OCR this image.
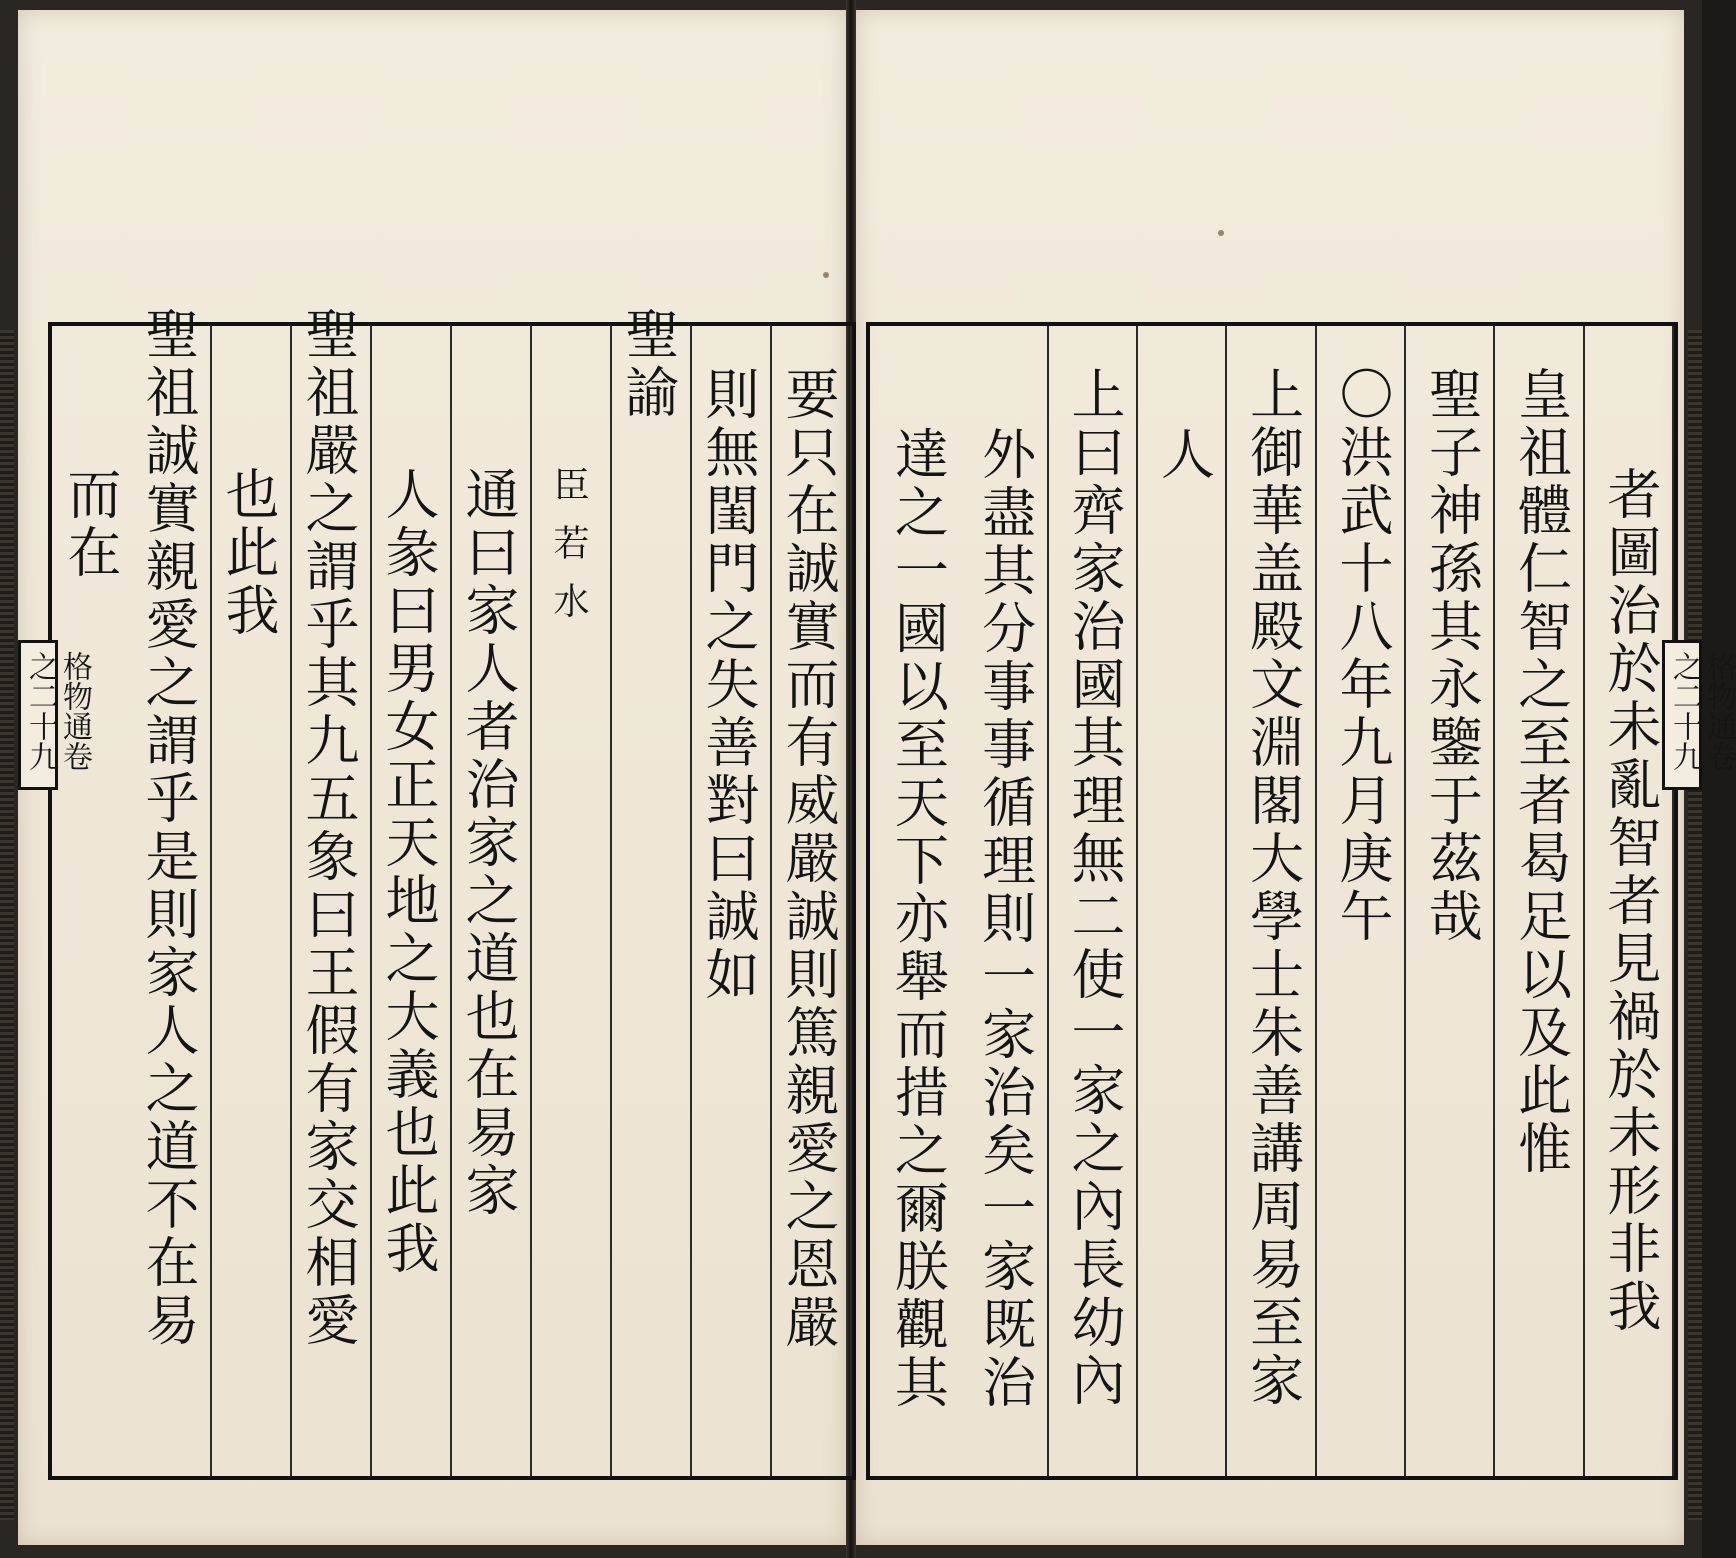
要只在誠實而有威嚴誠則篤親愛之恩嚴
則無閨門之失善對曰誠如
聖諭
臣若水
通曰家人者治家之道也在易家
人彖曰男女正天地之大義也此我
聖祖嚴之謂乎其九五象曰王假有家交相愛
也此我
聖祖誠實親愛之謂乎是則家人之道不在易
而在
格物通卷之二十九	者圖治於未亂智者見禍於未形非我
皇祖體仁智之至者曷足以及此惟
聖子神孫其永鑒于茲哉
〇洪武十八年九月庚午
上御華盖殿文淵閣大學士朱善講周易至家
人
上曰齊家治國其理無二使一家之內長幼內
外盡其分事事循理則一家治矣一家既治
達之一國以至天下亦舉而措之爾朕觀其	格物通卷之二十九
